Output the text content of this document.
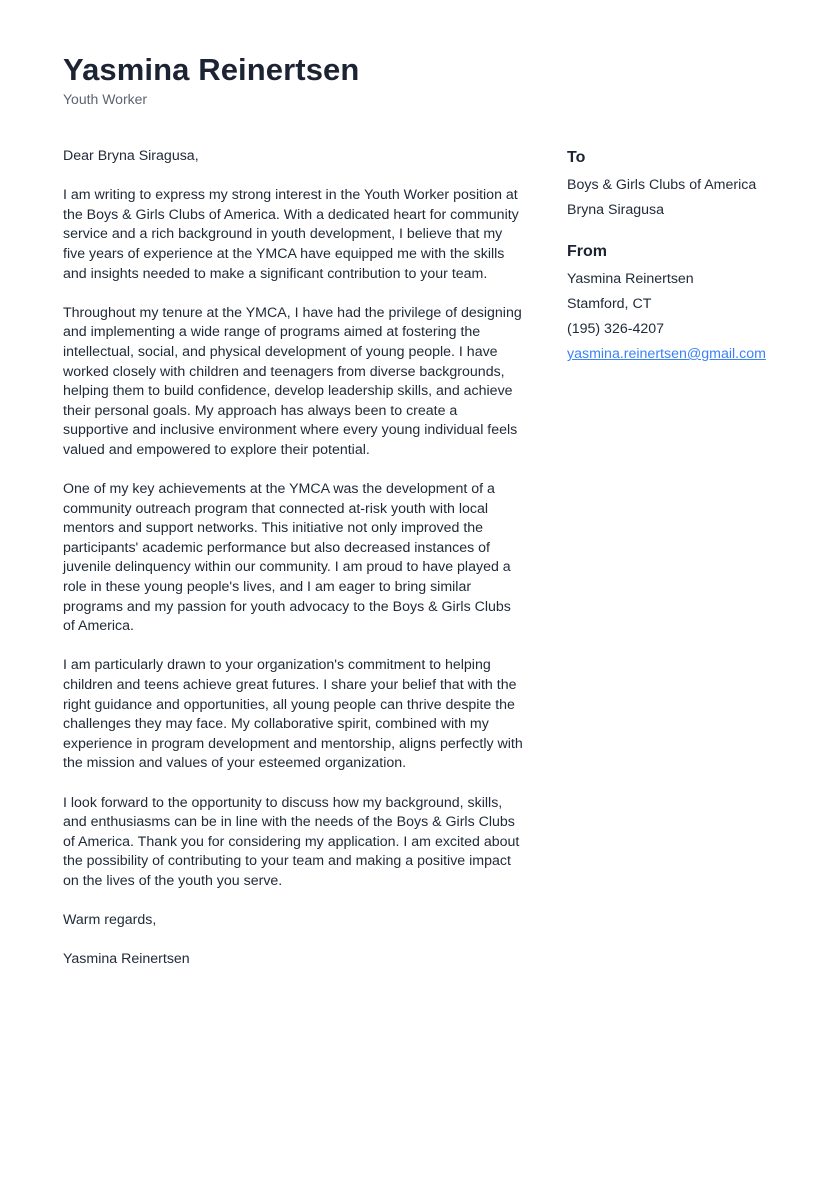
Yasmina Reinertsen

Youth Worker

Dear Bryna Siragusa,

I am writing to express my strong interest in the Youth Worker position at the Boys & Girls Clubs of America. With a dedicated heart for community service and a rich background in youth development, I believe that my five years of experience at the YMCA have equipped me with the skills and insights needed to make a significant contribution to your team.

Throughout my tenure at the YMCA, I have had the privilege of designing and implementing a wide range of programs aimed at fostering the intellectual, social, and physical development of young people. I have worked closely with children and teenagers from diverse backgrounds, helping them to build confidence, develop leadership skills, and achieve their personal goals. My approach has always been to create a supportive and inclusive environment where every young individual feels valued and empowered to explore their potential.

One of my key achievements at the YMCA was the development of a community outreach program that connected at-risk youth with local mentors and support networks. This initiative not only improved the participants' academic performance but also decreased instances of juvenile delinquency within our community. I am proud to have played a role in these young people's lives, and I am eager to bring similar programs and my passion for youth advocacy to the Boys & Girls Clubs of America.

I am particularly drawn to your organization's commitment to helping children and teens achieve great futures. I share your belief that with the right guidance and opportunities, all young people can thrive despite the challenges they may face. My collaborative spirit, combined with my experience in program development and mentorship, aligns perfectly with the mission and values of your esteemed organization.

I look forward to the opportunity to discuss how my background, skills, and enthusiasms can be in line with the needs of the Boys & Girls Clubs of America. Thank you for considering my application. I am excited about the possibility of contributing to your team and making a positive impact on the lives of the youth you serve.

Warm regards,

Yasmina Reinertsen

To

Boys & Girls Clubs of America

Bryna Siragusa

From

Yasmina Reinertsen

Stamford, CT

(195) 326-4207

yasmina.reinertsen@gmail.com
